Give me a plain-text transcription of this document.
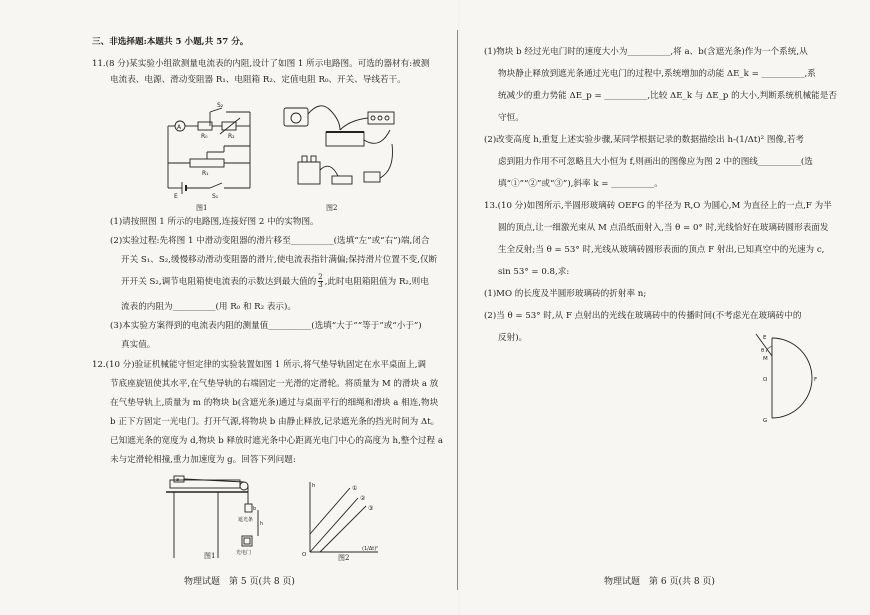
三、非选择题:本题共 5 小题,共 57 分。
11.(8 分)某实验小组欲测量电流表的内阻,设计了如图 1 所示电路图。可选的器材有:被测
电流表、电源、滑动变阻器 R₁、电阻箱 R₂、定值电阻 R₀、开关、导线若干。
A
R₀	R₂
S₂
R₁
E	S₁
图1	图2
(1)请按照图 1 所示的电路图,连接好图 2 中的实物图。
(2)实验过程:先将图 1 中滑动变阻器的滑片移至__________(选填“左”或“右”)端,闭合
开关 S₁、S₂,缓慢移动滑动变阻器的滑片,使电流表指针满偏;保持滑片位置不变,仅断
开开关 S₂,调节电阻箱使电流表的示数达到最大值的 $\frac{2}{3}$ ,此时电阻箱阻值为 R₂,则电
流表的内阻为__________(用 R₀ 和 R₂ 表示)。
(3)本实验方案得到的电流表内阻的测量值__________(选填“大于”“等于”或“小于”)
真实值。
12.(10 分)验证机械能守恒定律的实验装置如图 1 所示,将气垫导轨固定在水平桌面上,调
节底座旋钮使其水平,在气垫导轨的右端固定一光滑的定滑轮。将质量为 M 的滑块 a 放
在气垫导轨上,质量为 m 的物块 b(含遮光条)通过与桌面平行的细绳和滑块 a 相连,物块
b 正下方固定一光电门。打开气源,将物块 b 由静止释放,记录遮光条的挡光时间为 Δt。
已知遮光条的宽度为 d,物块 b 释放时遮光条中心距离光电门中心的高度为 h,整个过程 a
未与定滑轮相撞,重力加速度为 g。回答下列问题:
a
b
遮光条
h
光电门
图1
h
O
①
②
③
(1/Δt)²
图2
物理试题　第 5 页(共 8 页)
(1)物块 b 经过光电门时的速度大小为__________,将 a、b(含遮光条)作为一个系统,从
物块静止释放到遮光条通过光电门的过程中,系统增加的动能 ΔE_k = __________,系
统减少的重力势能 ΔE_p = __________,比较 ΔE_k 与 ΔE_p 的大小,判断系统机械能是否
守恒。
(2)改变高度 h,重复上述实验步骤,某同学根据记录的数据描绘出 h-(1/Δt)² 图像,若考
虑到阻力作用不可忽略且大小恒为 f,则画出的图像应为图 2 中的图线__________(选
填“①”“②”或“③”),斜率 k = __________。
13.(10 分)如图所示,半圆形玻璃砖 OEFG 的半径为 R,O 为圆心,M 为直径上的一点,F 为半
圆的顶点,让一细激光束从 M 点沿纸面射入,当 θ = 0° 时,光线恰好在玻璃砖圆形表面发
生全反射;当 θ = 53° 时,光线从玻璃砖圆形表面的顶点 F 射出,已知真空中的光速为 c,
sin 53° = 0.8,求:
(1)MO 的长度及半圆形玻璃砖的折射率 n;
(2)当 θ = 53° 时,从 F 点射出的光线在玻璃砖中的传播时间(不考虑光在玻璃砖中的
反射)。	E
θ
M
O	F
G
物理试题　第 6 页(共 8 页)
